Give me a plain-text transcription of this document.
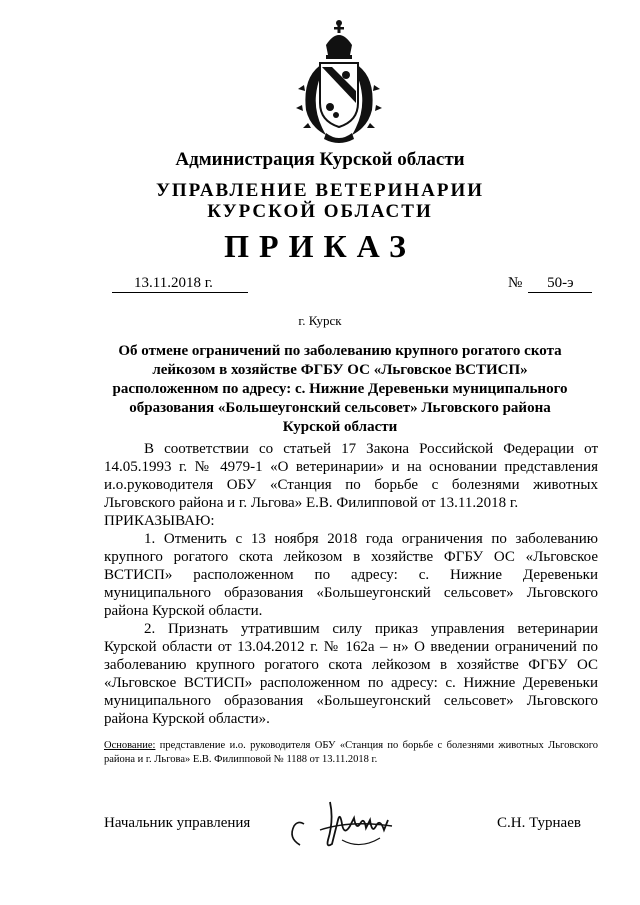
Администрация Курской области
УПРАВЛЕНИЕ ВЕТЕРИНАРИИ
КУРСКОЙ ОБЛАСТИ
ПРИКАЗ
13.11.2018 г.	№ 50-э
г. Курск
Об отмене ограничений по заболеванию крупного рогатого скота лейкозом в хозяйстве ФГБУ ОС «Льговское ВСТИСП» расположенном по адресу: с. Нижние Деревеньки муниципального образования «Большеугонский сельсовет» Льговского района Курской области

В соответствии со статьей 17 Закона Российской Федерации от 14.05.1993 г. № 4979-1 «О ветеринарии» и на основании представления и.о.руководителя ОБУ «Станция по борьбе с болезнями животных Льговского района и г. Льгова» Е.В. Филипповой от 13.11.2018 г.

ПРИКАЗЫВАЮ:

1. Отменить с 13 ноября 2018 года ограничения по заболеванию крупного рогатого скота лейкозом в хозяйстве ФГБУ ОС «Льговское ВСТИСП» расположенном по адресу: с. Нижние Деревеньки муниципального образования «Большеугонский сельсовет» Льговского района Курской области.

2. Признать утратившим силу приказ управления ветеринарии Курской области от 13.04.2012 г. № 162а – н» О введении ограничений по заболеванию крупного рогатого скота лейкозом в хозяйстве ФГБУ ОС «Льговское ВСТИСП» расположенном по адресу: с. Нижние Деревеньки муниципального образования «Большеугонский сельсовет» Льговского района Курской области».

Основание: представление и.о. руководителя ОБУ «Станция по борьбе с болезнями животных Льговского района и г. Льгова» Е.В. Филипповой № 1188 от 13.11.2018 г.
Начальник управления	С.Н. Турнаев
